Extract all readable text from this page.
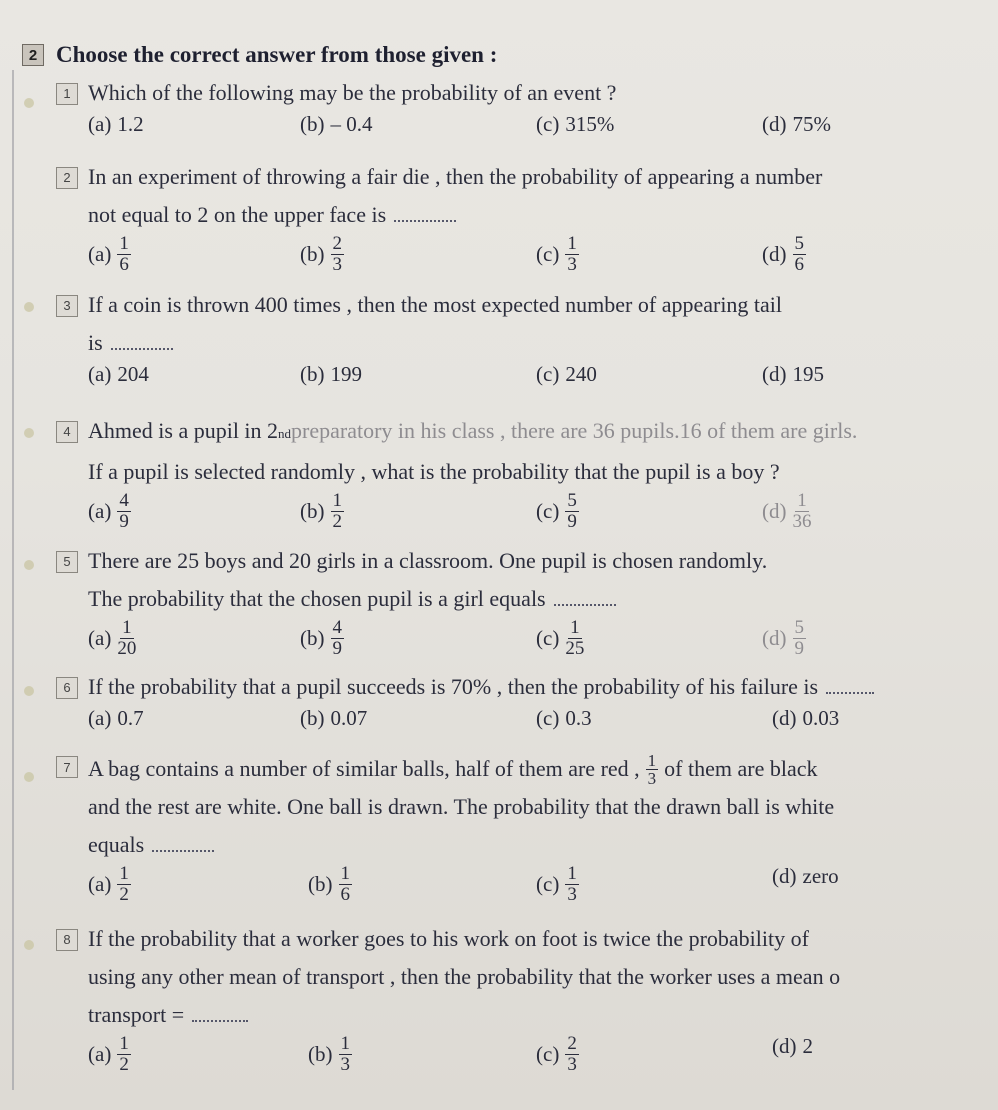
2 Choose the correct answer from those given :
1 Which of the following may be the probability of an event ?
(a) 1.2	(b) – 0.4	(c) 315%	(d) 75%
2 In an experiment of throwing a fair die , then the probability of appearing a number
not equal to 2 on the upper face is
$(a) \frac{1}{6}$	$(b) \frac{2}{3}$	$(c) \frac{1}{3}$	$(d) \frac{5}{6}$
3 If a coin is thrown 400 times , then the most expected number of appearing tail
is
(a) 204	(b) 199	(c) 240	(d) 195
4 Ahmed is a pupil in 2 nd preparatory in his class , there are 36 pupils.16 of them are girls.
If a pupil is selected randomly , what is the probability that the pupil is a boy ?
$(a) \frac{4}{9}$	$(b) \frac{1}{2}$	$(c) \frac{5}{9}$	$(d) \frac{1}{36}$
5 There are 25 boys and 20 girls in a classroom. One pupil is chosen randomly.
The probability that the chosen pupil is a girl equals
$(a) \frac{1}{20}$	$(b) \frac{4}{9}$	$(c) \frac{1}{25}$	$(d) \frac{5}{9}$
6 If the probability that a pupil succeeds is 70% , then the probability of his failure is
(a) 0.7	(b) 0.07	(c) 0.3	(d) 0.03
7 A bag contains a number of similar balls, half of them are red , $\frac{1}{3}$ of them are black
and the rest are white. One ball is drawn. The probability that the drawn ball is white
equals
$(a) \frac{1}{2}$	$(b) \frac{1}{6}$	$(c) \frac{1}{3}$	(d) zero
8 If the probability that a worker goes to his work on foot is twice the probability of
using any other mean of transport , then the probability that the worker uses a mean o
transport =
$(a) \frac{1}{2}$	$(b) \frac{1}{3}$	$(c) \frac{2}{3}$	(d) 2
